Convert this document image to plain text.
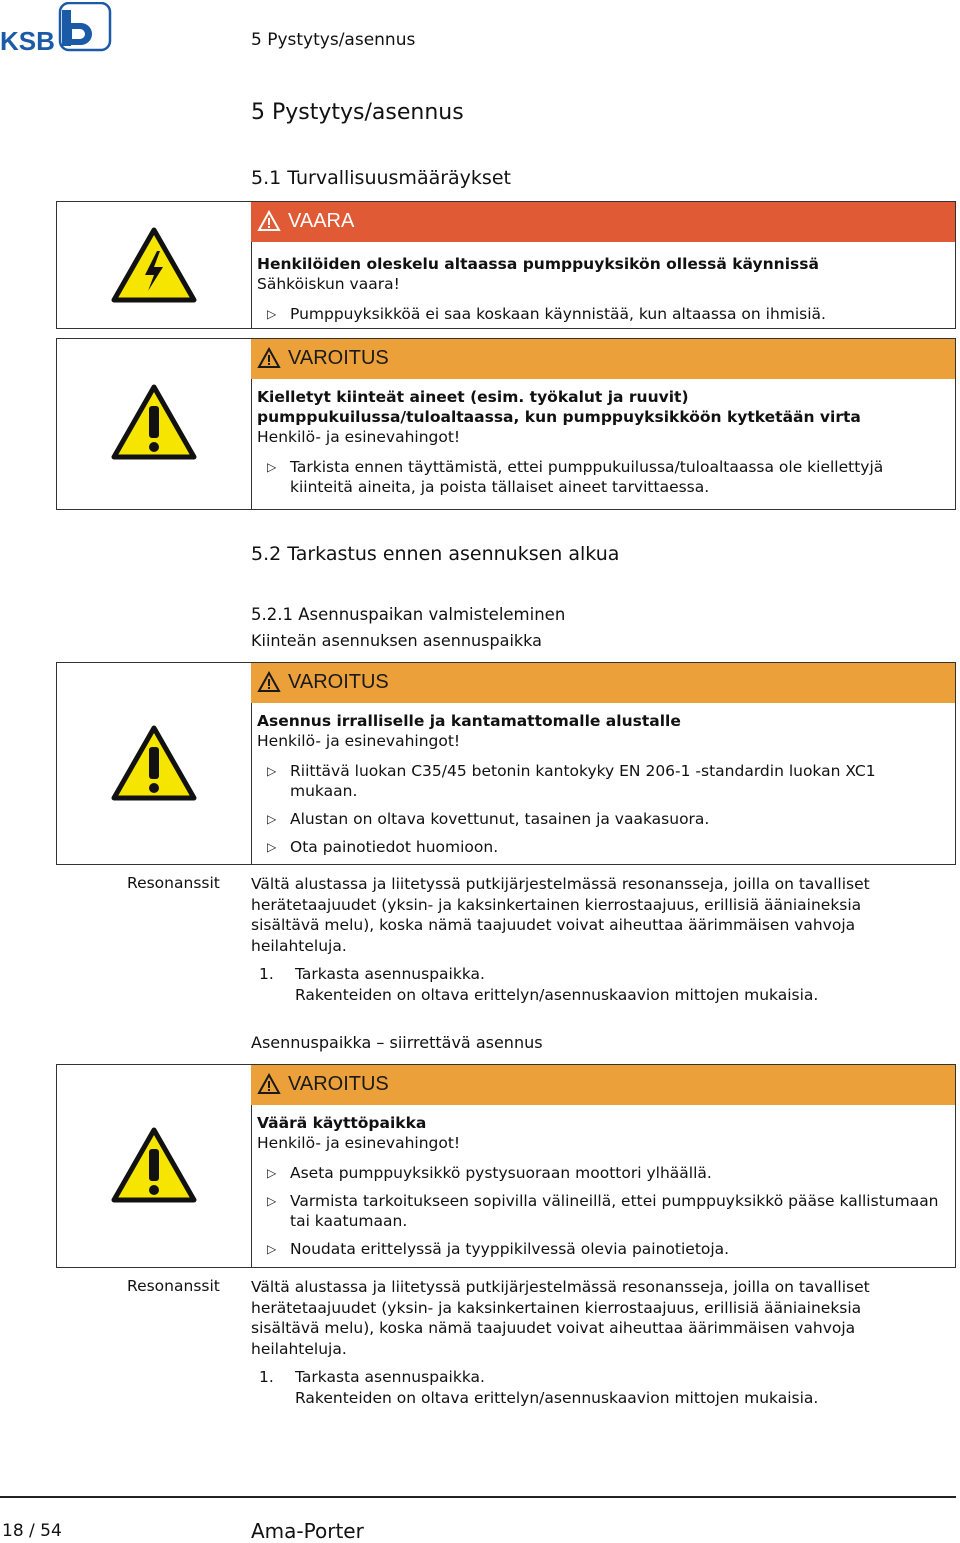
KSB	5 Pystytys/asennus
5 Pystytys/asennus
5.1 Turvallisuusmääräykset
VAARA
Henkilöiden oleskelu altaassa pumppuyksikön ollessä käynnissä
Sähköiskun vaara!
▷ Pumppuyksikköä ei saa koskaan käynnistää, kun altaassa on ihmisiä.
VAROITUS
Kielletyt kiinteät aineet (esim. työkalut ja ruuvit) pumppukuilussa/tuloaltaassa, kun pumppuyksikköön kytketään virta
Henkilö- ja esinevahingot!
▷ Tarkista ennen täyttämistä, ettei pumppukuilussa/tuloaltaassa ole kiellettyjä kiinteitä aineita, ja poista tällaiset aineet tarvittaessa.
5.2 Tarkastus ennen asennuksen alkua
5.2.1 Asennuspaikan valmisteleminen
Kiinteän asennuksen asennuspaikka
VAROITUS
Asennus irralliselle ja kantamattomalle alustalle
Henkilö- ja esinevahingot!
▷ Riittävä luokan C35/45 betonin kantokyky EN 206-1 -standardin luokan XC1 mukaan.
▷ Alustan on oltava kovettunut, tasainen ja vaakasuora.
▷ Ota painotiedot huomioon.
Resonanssit Vältä alustassa ja liitetyssä putkijärjestelmässä resonansseja, joilla on tavalliset herätetaajuudet (yksin- ja kaksinkertainen kierrostaajuus, erillisiä ääniaineksia sisältävä melu), koska nämä taajuudet voivat aiheuttaa äärimmäisen vahvoja heilahteluja.
1. Tarkasta asennuspaikka.
Rakenteiden on oltava erittelyn/asennuskaavion mittojen mukaisia.
Asennuspaikka – siirrettävä asennus
VAROITUS
Väärä käyttöpaikka
Henkilö- ja esinevahingot!
▷ Aseta pumppuyksikkö pystysuoraan moottori ylhäällä.
▷ Varmista tarkoitukseen sopivilla välineillä, ettei pumppuyksikkö pääse kallistumaan tai kaatumaan.
▷ Noudata erittelyssä ja tyyppikilvessä olevia painotietoja.
Resonanssit Vältä alustassa ja liitetyssä putkijärjestelmässä resonansseja, joilla on tavalliset herätetaajuudet (yksin- ja kaksinkertainen kierrostaajuus, erillisiä ääniaineksia sisältävä melu), koska nämä taajuudet voivat aiheuttaa äärimmäisen vahvoja heilahteluja.
1. Tarkasta asennuspaikka.
Rakenteiden on oltava erittelyn/asennuskaavion mittojen mukaisia.
18 / 54	Ama-Porter
